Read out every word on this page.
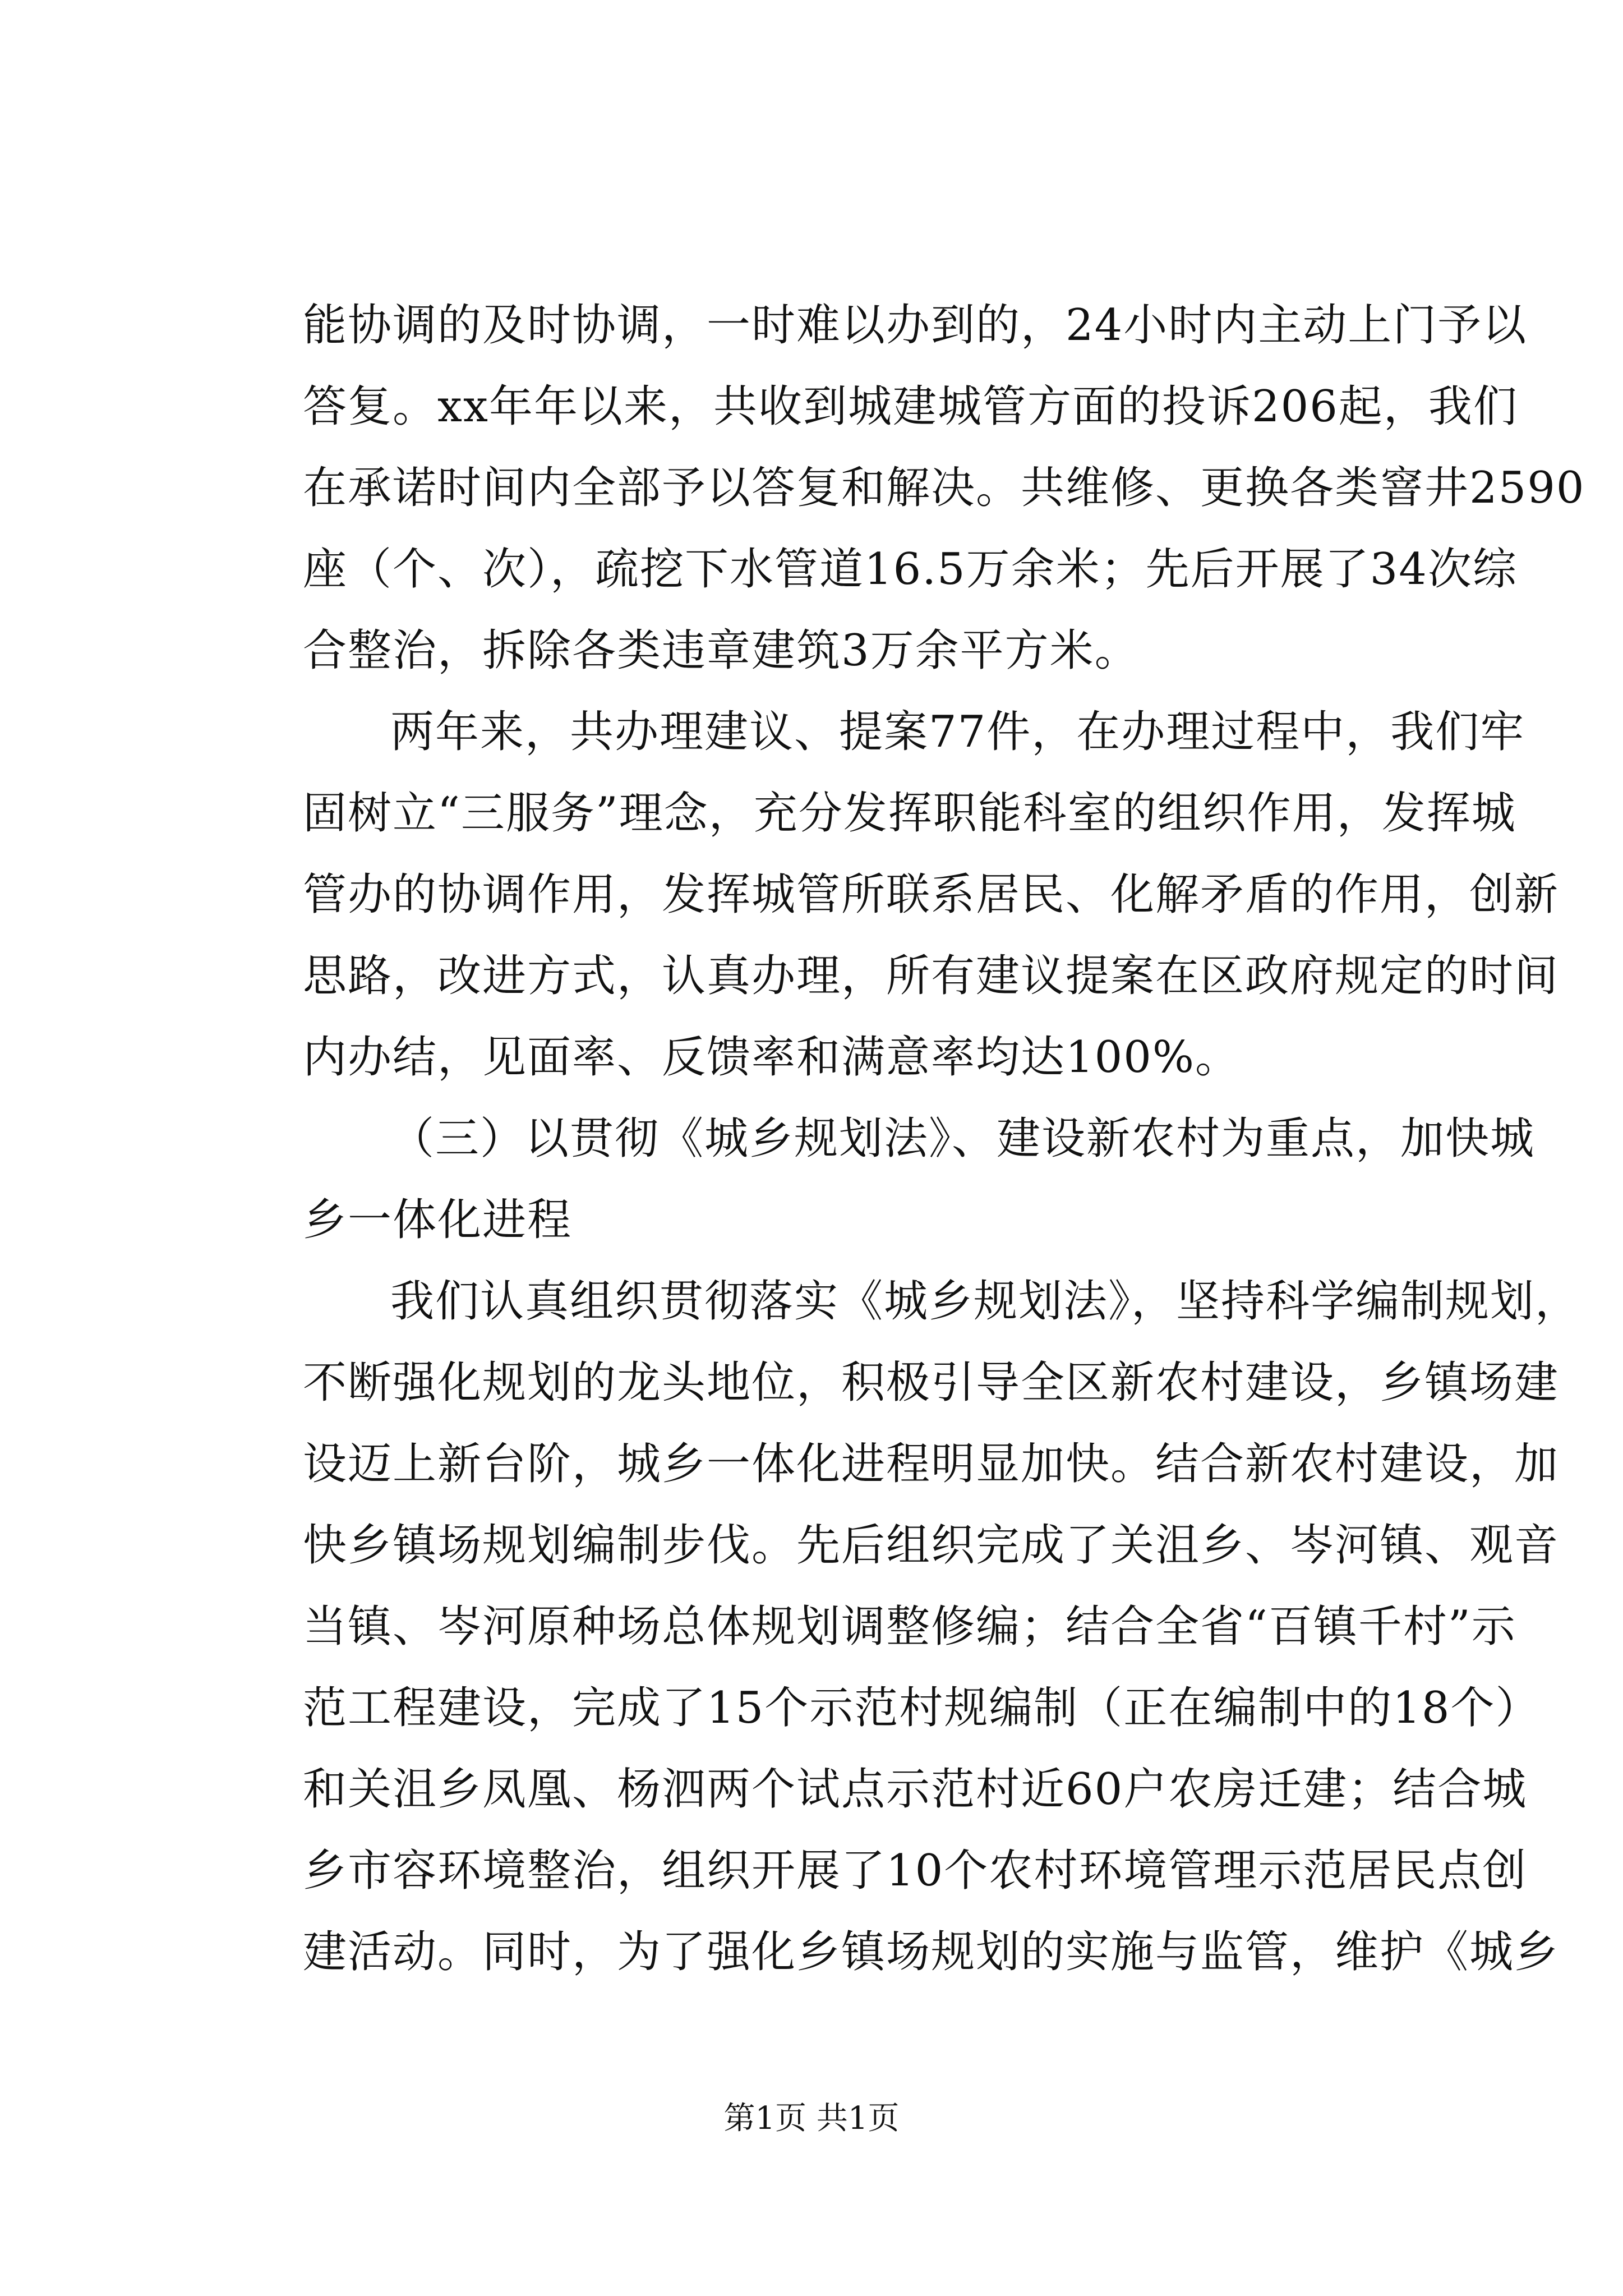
能协调的及时协调，一时难以办到的，24小时内主动上门予以
答复。xx年年以来，共收到城建城管方面的投诉206起，我们
在承诺时间内全部予以答复和解决。共维修、更换各类窨井2590
座（个、次），疏挖下水管道16.5万余米；先后开展了34次综
合整治，拆除各类违章建筑3万余平方米。
两年来，共办理建议、提案77件，在办理过程中，我们牢
固树立“三服务”理念，充分发挥职能科室的组织作用，发挥城
管办的协调作用，发挥城管所联系居民、化解矛盾的作用，创新
思路，改进方式，认真办理，所有建议提案在区政府规定的时间
内办结，见面率、反馈率和满意率均达100%。
（三）以贯彻《城乡规划法》、建设新农村为重点，加快城
乡一体化进程
我们认真组织贯彻落实《城乡规划法》，坚持科学编制规划，
不断强化规划的龙头地位，积极引导全区新农村建设，乡镇场建
设迈上新台阶，城乡一体化进程明显加快。结合新农村建设，加
快乡镇场规划编制步伐。先后组织完成了关沮乡、岑河镇、观音
当镇、岑河原种场总体规划调整修编；结合全省“百镇千村”示
范工程建设，完成了15个示范村规编制（正在编制中的18个）
和关沮乡凤凰、杨泗两个试点示范村近60户农房迁建；结合城
乡市容环境整治，组织开展了10个农村环境管理示范居民点创
建活动。同时，为了强化乡镇场规划的实施与监管，维护《城乡
第1页 共1页
